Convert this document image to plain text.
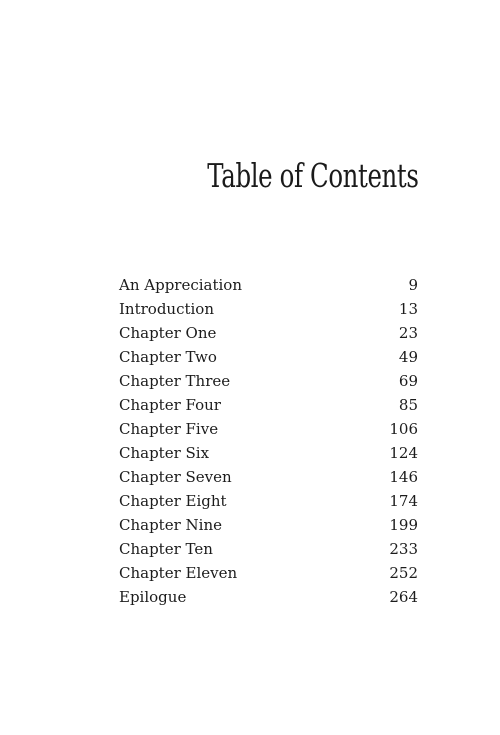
Table of Contents
An Appreciation	9
Introduction	13
Chapter One	23
Chapter Two	49
Chapter Three	69
Chapter Four	85
Chapter Five	106
Chapter Six	124
Chapter Seven	146
Chapter Eight	174
Chapter Nine	199
Chapter Ten	233
Chapter Eleven	252
Epilogue	264
